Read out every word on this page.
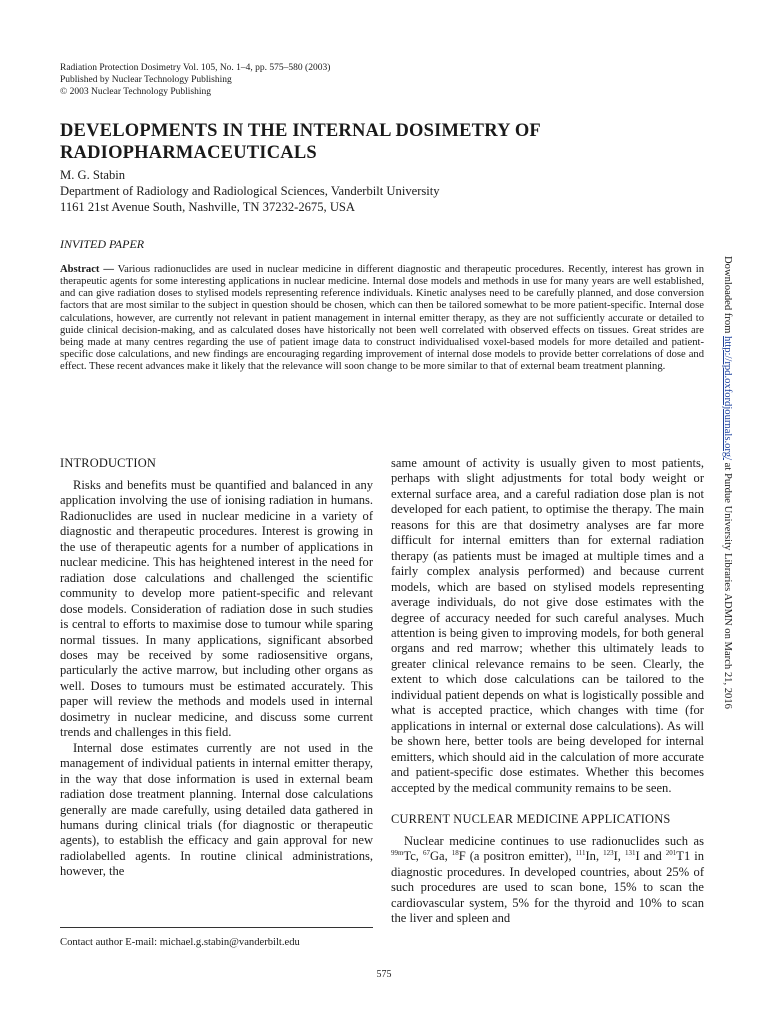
Radiation Protection Dosimetry Vol. 105, No. 1–4, pp. 575–580 (2003)
Published by Nuclear Technology Publishing
© 2003 Nuclear Technology Publishing
DEVELOPMENTS IN THE INTERNAL DOSIMETRY OF RADIOPHARMACEUTICALS
M. G. Stabin
Department of Radiology and Radiological Sciences, Vanderbilt University
1161 21st Avenue South, Nashville, TN 37232-2675, USA
INVITED PAPER

Abstract — Various radionuclides are used in nuclear medicine in different diagnostic and therapeutic procedures. Recently, interest has grown in therapeutic agents for some interesting applications in nuclear medicine. Internal dose models and methods in use for many years are well established, and can give radiation doses to stylised models representing reference individuals. Kinetic analyses need to be carefully planned, and dose conversion factors that are most similar to the subject in question should be chosen, which can then be tailored somewhat to be more patient-specific. Internal dose calculations, however, are currently not relevant in patient management in internal emitter therapy, as they are not sufficiently accurate or detailed to guide clinical decision-making, and as calculated doses have historically not been well correlated with observed effects on tissues. Great strides are being made at many centres regarding the use of patient image data to construct individualised voxel-based models for more detailed and patient-specific dose calculations, and new findings are encouraging regarding improvement of internal dose models to provide better correlations of dose and effect. These recent advances make it likely that the relevance will soon change to be more similar to that of external beam treatment planning.

INTRODUCTION

Risks and benefits must be quantified and balanced in any application involving the use of ionising radiation in humans. Radionuclides are used in nuclear medicine in a variety of diagnostic and therapeutic procedures. Interest is growing in the use of therapeutic agents for a number of applications in nuclear medicine. This has heightened interest in the need for radiation dose calculations and challenged the scientific community to develop more patient-specific and relevant dose models. Consideration of radiation dose in such studies is central to efforts to maximise dose to tumour while sparing normal tissues. In many applications, significant absorbed doses may be received by some radiosensitive organs, particularly the active marrow, but including other organs as well. Doses to tumours must be estimated accurately. This paper will review the methods and models used in internal dosimetry in nuclear medicine, and discuss some current trends and challenges in this field.

Internal dose estimates currently are not used in the management of individual patients in internal emitter therapy, in the way that dose information is used in external beam radiation dose treatment planning. Internal dose calculations generally are made carefully, using detailed data gathered in humans during clinical trials (for diagnostic or therapeutic agents), to establish the efficacy and gain approval for new radiolabelled agents. In routine clinical administrations, however, the

same amount of activity is usually given to most patients, perhaps with slight adjustments for total body weight or external surface area, and a careful radiation dose plan is not developed for each patient, to optimise the therapy. The main reasons for this are that dosimetry analyses are far more difficult for internal emitters than for external radiation therapy (as patients must be imaged at multiple times and a fairly complex analysis performed) and because current models, which are based on stylised models representing average individuals, do not give dose estimates with the degree of accuracy needed for such careful analyses. Much attention is being given to improving models, for both general organs and red marrow; whether this ultimately leads to greater clinical relevance remains to be seen. Clearly, the extent to which dose calculations can be tailored to the individual patient depends on what is logistically possible and what is accepted practice, which changes with time (for applications in internal or external dose calculations). As will be shown here, better tools are being developed for internal emitters, which should aid in the calculation of more accurate and patient-specific dose estimates. Whether this becomes accepted by the medical community remains to be seen.

CURRENT NUCLEAR MEDICINE APPLICATIONS

Nuclear medicine continues to use radionuclides such as $^{99m}$Tc, $^{67}$Ga, $^{18}$F (a positron emitter), $^{111}$In, $^{123}$I, $^{131}$I and $^{201}$T1 in diagnostic procedures. In developed countries, about 25% of such procedures are used to scan bone, 15% to scan the cardiovascular system, 5% for the thyroid and 10% to scan the liver and spleen and

Contact author E-mail: michael.g.stabin@vanderbilt.edu
575
Downloaded from http://rpd.oxfordjournals.org/ at Purdue University Libraries ADMN on March 21, 2016
